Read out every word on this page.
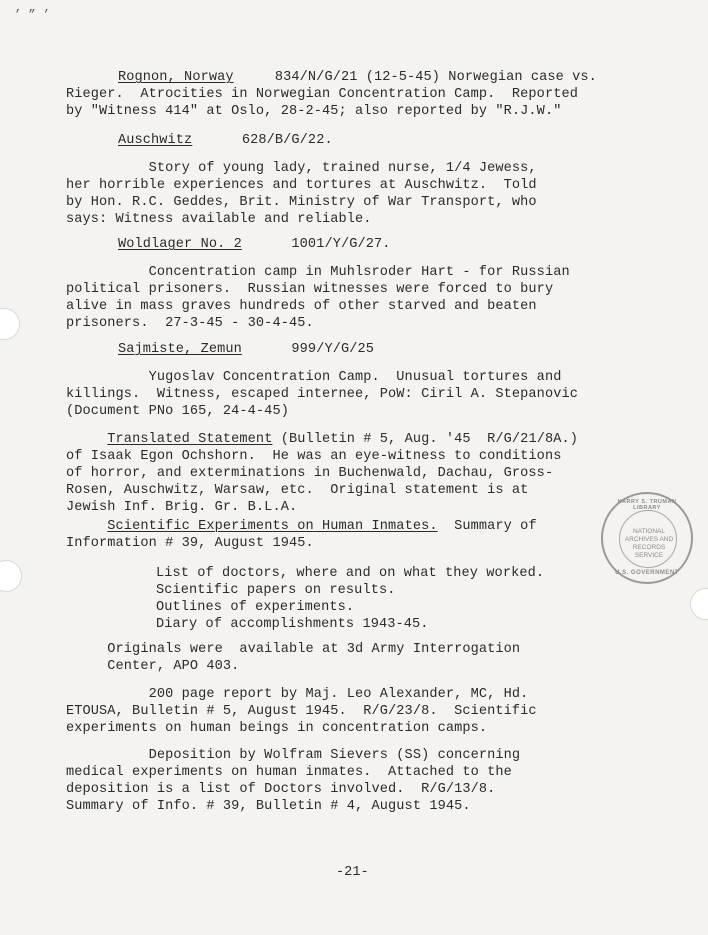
’ ” ’
Rognon, Norway     834/N/G/21 (12-5-45) Norwegian case vs.
Rieger.  Atrocities in Norwegian Concentration Camp.  Reported
by "Witness 414" at Oslo, 28-2-45; also reported by "R.J.W."
Auschwitz      628/B/G/22.
Story of young lady, trained nurse, 1/4 Jewess,
her horrible experiences and tortures at Auschwitz.  Told
by Hon. R.C. Geddes, Brit. Ministry of War Transport, who
says: Witness available and reliable.
Woldlager No. 2      1001/Y/G/27.
Concentration camp in Muhlsroder Hart - for Russian
political prisoners.  Russian witnesses were forced to bury
alive in mass graves hundreds of other starved and beaten
prisoners.  27-3-45 - 30-4-45.
Sajmiste, Zemun      999/Y/G/25
Yugoslav Concentration Camp.  Unusual tortures and
killings.  Witness, escaped internee, PoW: Ciril A. Stepanovic
(Document PNo 165, 24-4-45)
Translated Statement (Bulletin # 5, Aug. '45  R/G/21/8A.)
of Isaak Egon Ochshorn.  He was an eye-witness to conditions
of horror, and exterminations in Buchenwald, Dachau, Gross-
Rosen, Auschwitz, Warsaw, etc.  Original statement is at
Jewish Inf. Brig. Gr. B.L.A.
Scientific Experiments on Human Inmates.  Summary of
Information # 39, August 1945.
List of doctors, where and on what they worked.
Scientific papers on results.
Outlines of experiments.
Diary of accomplishments 1943-45.
Originals were  available at 3d Army Interrogation
Center, APO 403.
200 page report by Maj. Leo Alexander, MC, Hd.
ETOUSA, Bulletin # 5, August 1945.  R/G/23/8.  Scientific
experiments on human beings in concentration camps.
Deposition by Wolfram Sievers (SS) concerning
medical experiments on human inmates.  Attached to the
deposition is a list of Doctors involved.  R/G/13/8.
Summary of Info. # 39, Bulletin # 4, August 1945.
-21-
HARRY S. TRUMAN LIBRARY
NATIONAL ARCHIVES AND RECORDS SERVICE
U.S. GOVERNMENT
